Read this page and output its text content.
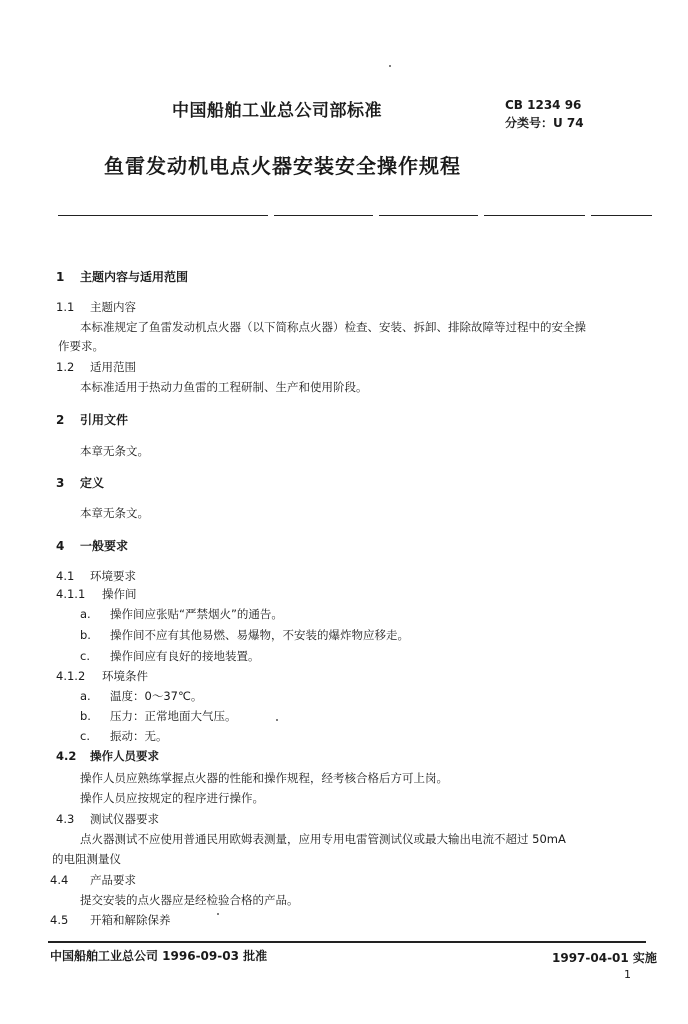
中国船舶工业总公司部标准	CB 1234 96
分类号：U 74
鱼雷发动机电点火器安装安全操作规程
1 主题内容与适用范围
1.1 主题内容
本标准规定了鱼雷发动机点火器（以下简称点火器）检查、安装、拆卸、排除故障等过程中的安全操
作要求。
1.2 适用范围
本标准适用于热动力鱼雷的工程研制、生产和使用阶段。
2 引用文件
本章无条文。
3 定义
本章无条文。
4 一般要求
4.1 环境要求
4.1.1 操作间
a. 操作间应张贴“严禁烟火”的通告。
b. 操作间不应有其他易燃、易爆物，不安装的爆炸物应移走。
c. 操作间应有良好的接地装置。
4.1.2 环境条件
a. 温度：0～37℃。
b. 压力：正常地面大气压。
c. 振动：无。
4.2 操作人员要求
操作人员应熟练掌握点火器的性能和操作规程，经考核合格后方可上岗。
操作人员应按规定的程序进行操作。
4.3 测试仪器要求
点火器测试不应使用普通民用欧姆表测量，应用专用电雷管测试仪或最大输出电流不超过 50mA
的电阻测量仪
4.4 产品要求
提交安装的点火器应是经检验合格的产品。
4.5 开箱和解除保养
中国船舶工业总公司 1996-09-03 批准	1997-04-01 实施
1
